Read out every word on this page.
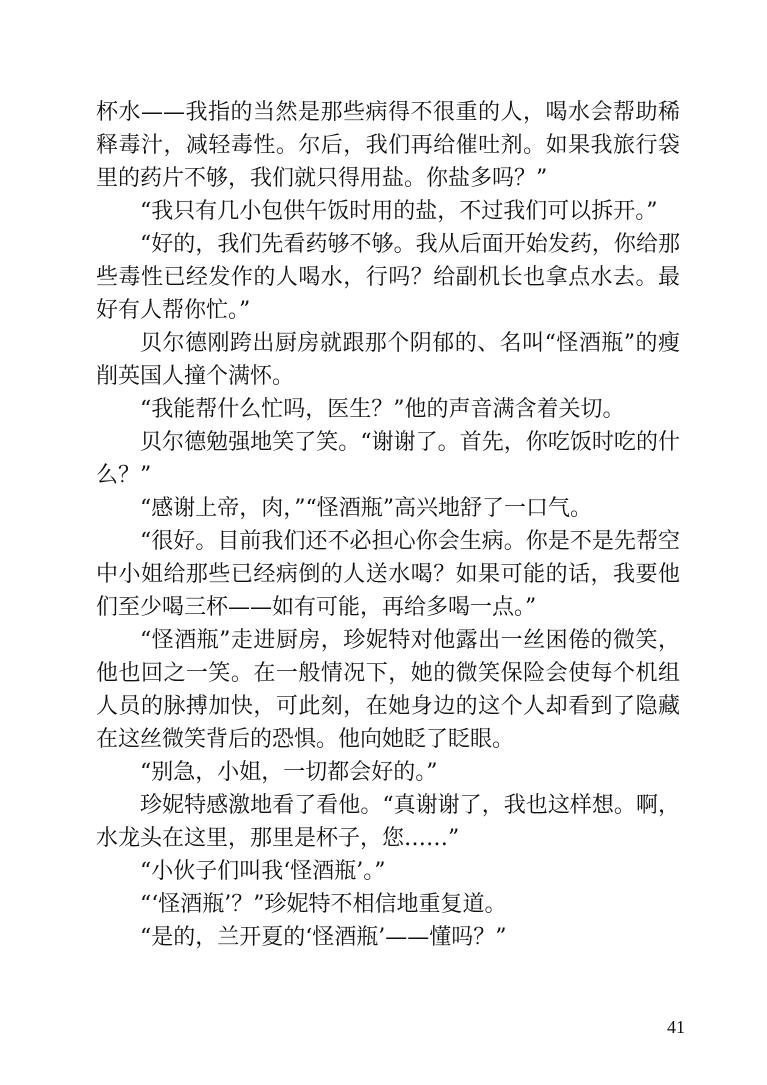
杯水——我指的当然是那些病得不很重的人，喝水会帮助稀释毒汁，减轻毒性。尔后，我们再给催吐剂。如果我旅行袋里的药片不够，我们就只得用盐。你盐多吗？”

“我只有几小包供午饭时用的盐，不过我们可以拆开。”

“好的，我们先看药够不够。我从后面开始发药，你给那些毒性已经发作的人喝水，行吗？给副机长也拿点水去。最好有人帮你忙。”

贝尔德刚跨出厨房就跟那个阴郁的、名叫“怪酒瓶”的瘦削英国人撞个满怀。

“我能帮什么忙吗，医生？”他的声音满含着关切。

贝尔德勉强地笑了笑。“谢谢了。首先，你吃饭时吃的什么？”

“感谢上帝，肉，”“怪酒瓶”高兴地舒了一口气。

“很好。目前我们还不必担心你会生病。你是不是先帮空中小姐给那些已经病倒的人送水喝？如果可能的话，我要他们至少喝三杯——如有可能，再给多喝一点。”

“怪酒瓶”走进厨房，珍妮特对他露出一丝困倦的微笑，他也回之一笑。在一般情况下，她的微笑保险会使每个机组人员的脉搏加快，可此刻，在她身边的这个人却看到了隐藏在这丝微笑背后的恐惧。他向她眨了眨眼。

“别急，小姐，一切都会好的。”

珍妮特感激地看了看他。“真谢谢了，我也这样想。啊，水龙头在这里，那里是杯子，您……”

“小伙子们叫我‘怪酒瓶’。”

“‘怪酒瓶’？”珍妮特不相信地重复道。

“是的，兰开夏的‘怪酒瓶’——懂吗？”

41
